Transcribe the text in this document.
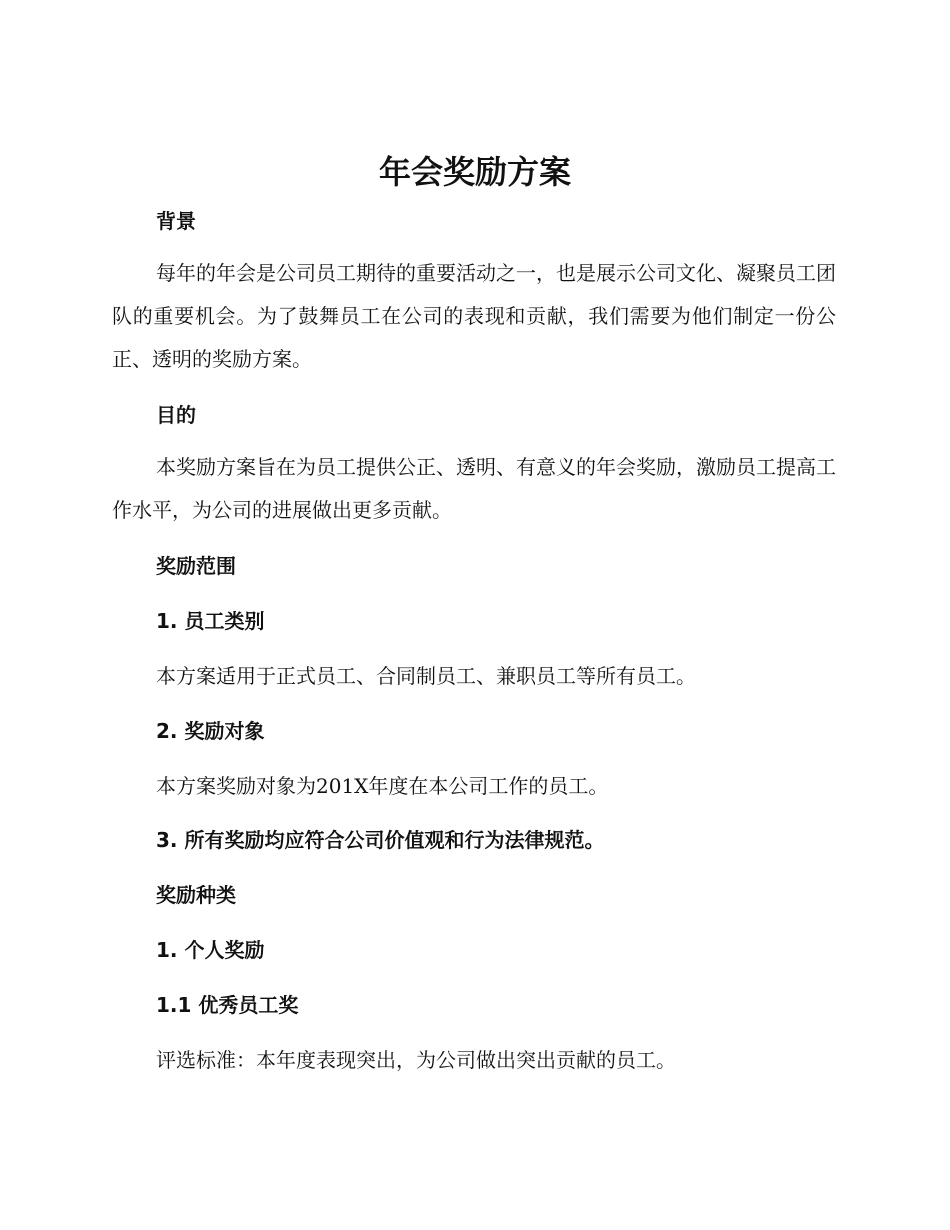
年会奖励方案
背景

每年的年会是公司员工期待的重要活动之一，也是展示公司文化、凝聚员工团队的重要机会。为了鼓舞员工在公司的表现和贡献，我们需要为他们制定一份公正、透明的奖励方案。

目的

本奖励方案旨在为员工提供公正、透明、有意义的年会奖励，激励员工提高工作水平，为公司的进展做出更多贡献。

奖励范围
1. 员工类别

本方案适用于正式员工、合同制员工、兼职员工等所有员工。

2. 奖励对象

本方案奖励对象为201X年度在本公司工作的员工。

3. 所有奖励均应符合公司价值观和行为法律规范。
奖励种类
1. 个人奖励
1.1 优秀员工奖

评选标准：本年度表现突出，为公司做出突出贡献的员工。
